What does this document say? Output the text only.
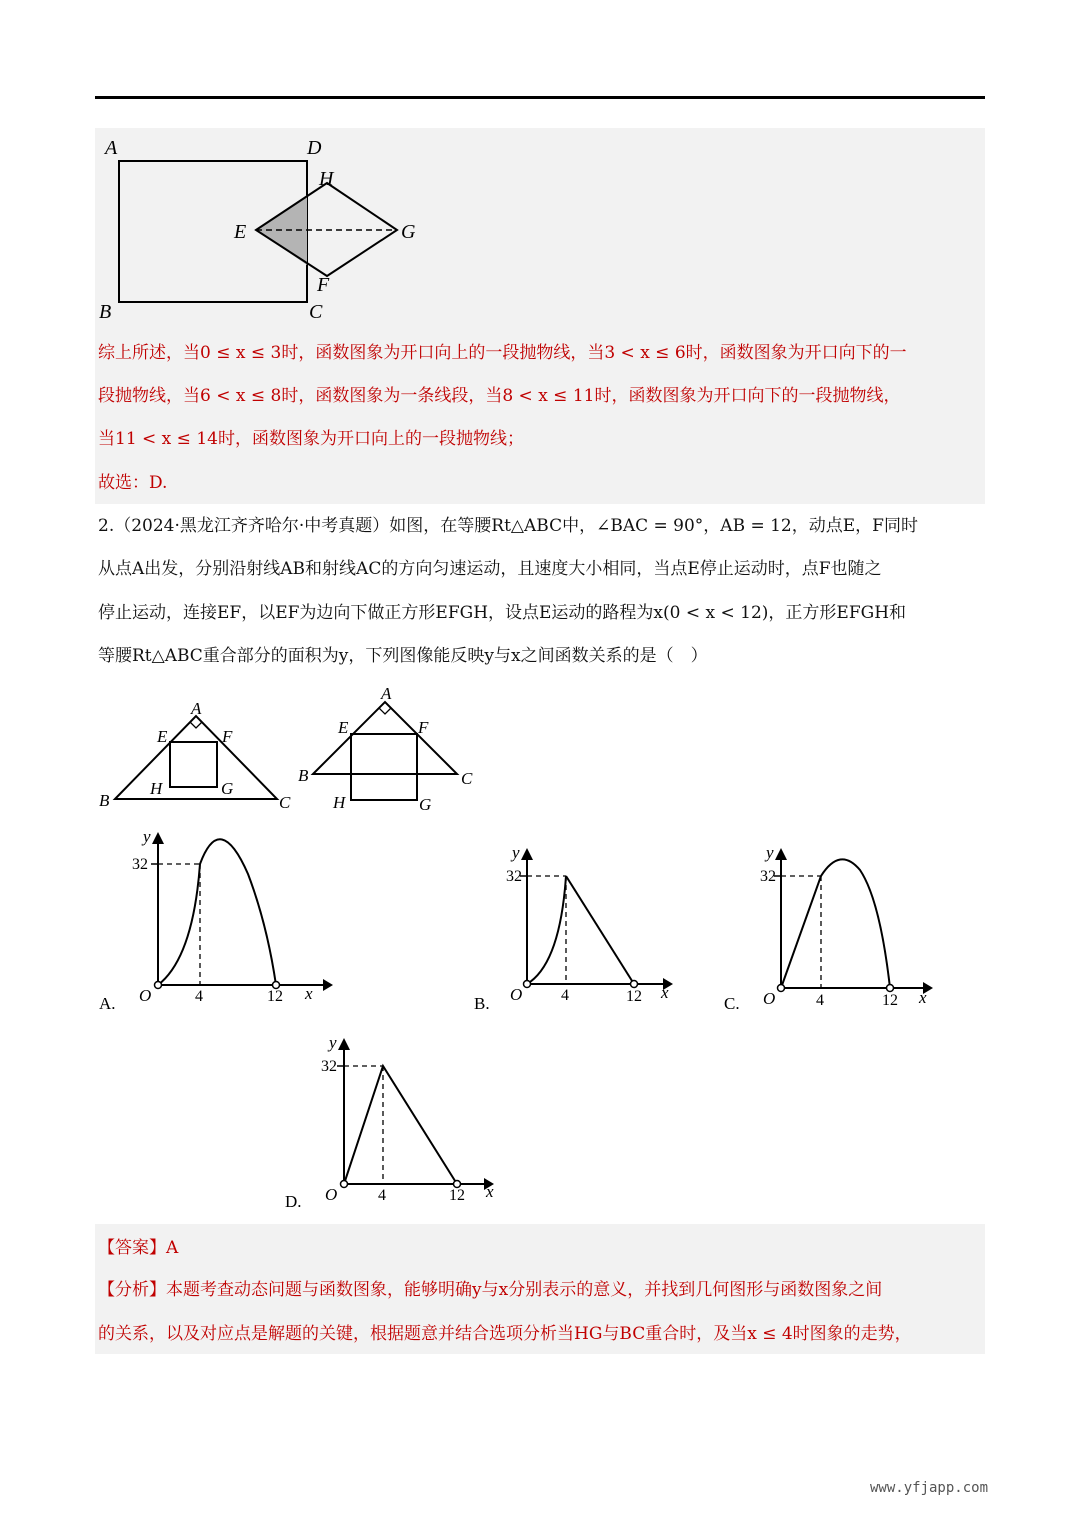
A	D
H
E	G
F
B	C
综上所述，当0 ≤ x ≤ 3时，函数图象为开口向上的一段抛物线，当3 < x ≤ 6时，函数图象为开口向下的一
段抛物线，当6 < x ≤ 8时，函数图象为一条线段，当8 < x ≤ 11时，函数图象为开口向下的一段抛物线，
当11 < x ≤ 14时，函数图象为开口向上的一段抛物线；
故选：D.
2.（2024·黑龙江齐齐哈尔·中考真题）如图，在等腰Rt△ABC中，∠BAC = 90°，AB = 12，动点E，F同时
从点A出发，分别沿射线AB和射线AC的方向匀速运动，且速度大小相同，当点E停止运动时，点F也随之
停止运动，连接EF，以EF为边向下做正方形EFGH，设点E运动的路程为x(0 < x < 12)，正方形EFGH和
等腰Rt△ABC重合部分的面积为y，下列图像能反映y与x之间函数关系的是（　）
A
E	F
H	G
B	C
A
E	F
B	C
H	G
y
32
O	4	12 x
A.
y
32
O 4	12 x
B.
y
32
O	4	12 x
C.
y
32
O	4	12 x
D.
【答案】A
【分析】本题考查动态问题与函数图象，能够明确y与x分别表示的意义，并找到几何图形与函数图象之间
的关系，以及对应点是解题的关键，根据题意并结合选项分析当HG与BC重合时，及当x ≤ 4时图象的走势，
www.yfjapp.com
